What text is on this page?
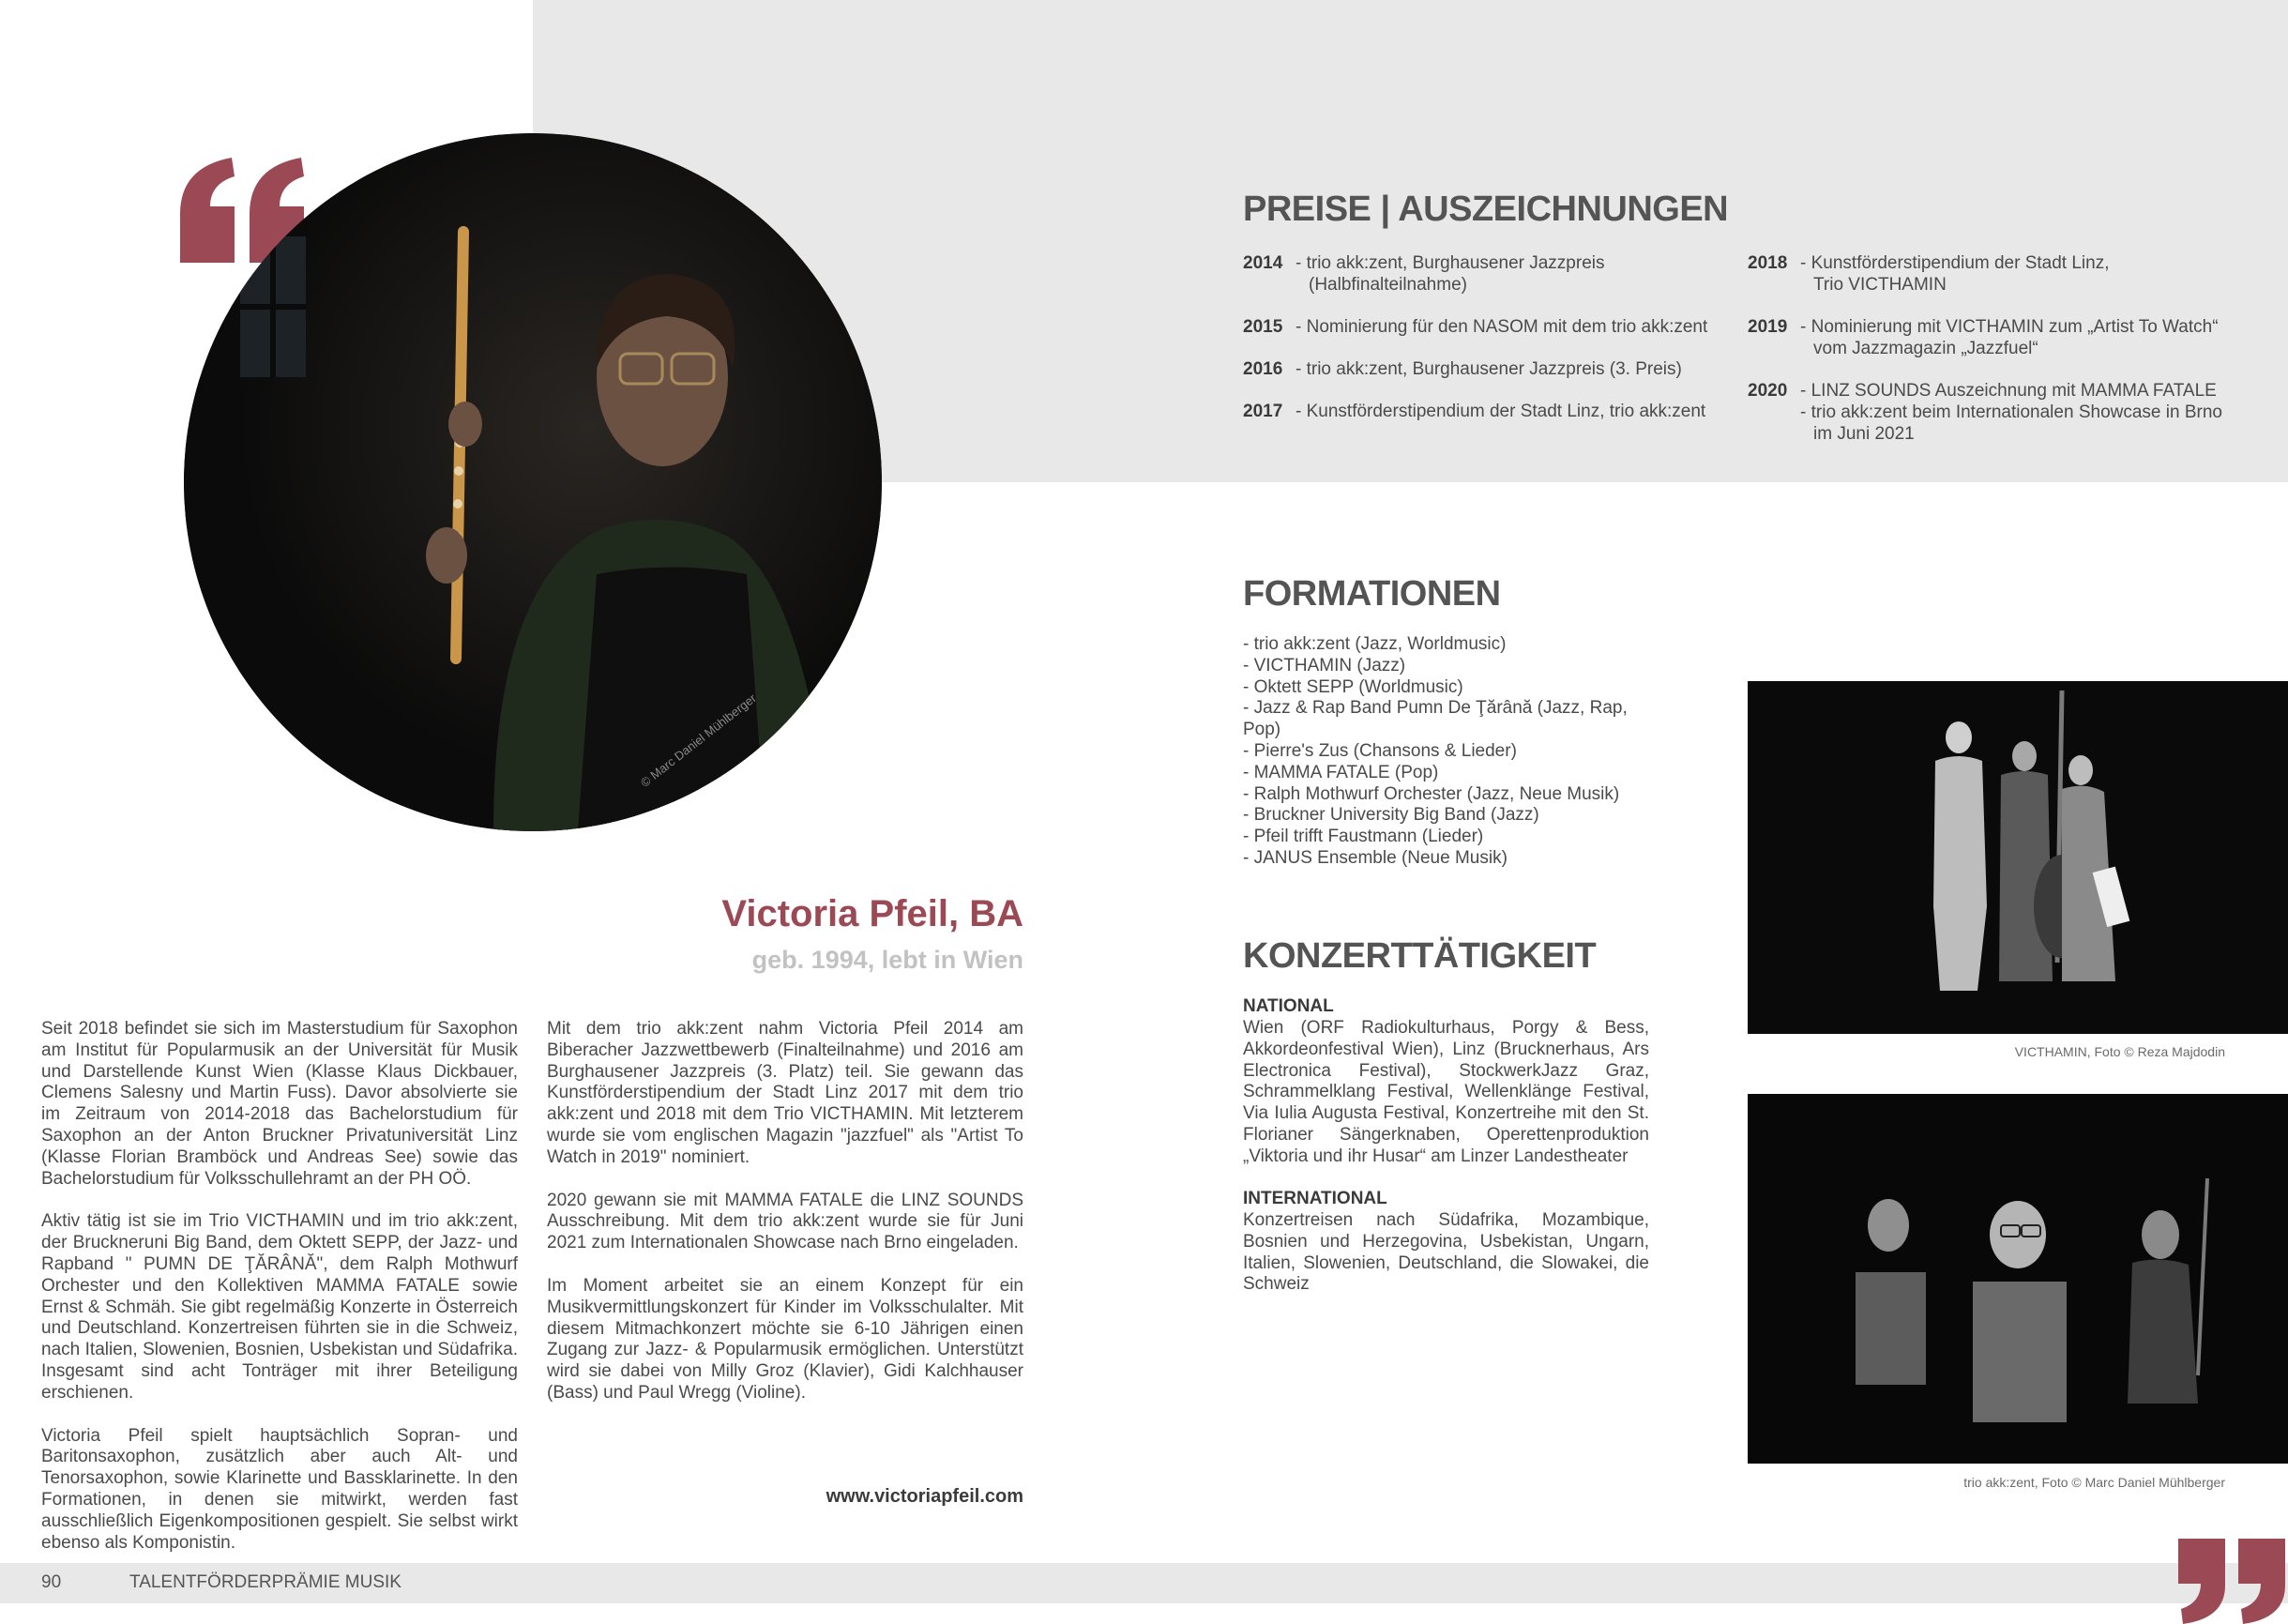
© Marc Daniel Mühlberger
Victoria Pfeil, BA
geb. 1994, lebt in Wien

Seit 2018 befindet sie sich im Masterstudium für Saxophon am Institut für Popularmusik an der Universität für Musik und Darstellende Kunst Wien (Klasse Klaus Dickbauer, Clemens Salesny und Martin Fuss). Davor absolvierte sie im Zeitraum von 2014-2018 das Bachelorstudium für Saxophon an der Anton Bruckner Privatuniversität Linz (Klasse Florian Bramböck und Andreas See) sowie das Bachelorstudium für Volksschullehramt an der PH OÖ.

Aktiv tätig ist sie im Trio VICTHAMIN und im trio akk:zent, der Bruckneruni Big Band, dem Oktett SEPP, der Jazz- und Rapband " PUMN DE ŢĂRÂNĂ", dem Ralph Mothwurf Orchester und den Kollektiven MAMMA FATALE sowie Ernst & Schmäh. Sie gibt regelmäßig Konzerte in Österreich und Deutschland. Konzertreisen führten sie in die Schweiz, nach Italien, Slowenien, Bosnien, Usbekistan und Südafrika. Insgesamt sind acht Tonträger mit ihrer Beteiligung erschienen.

Victoria Pfeil spielt hauptsächlich Sopran- und Baritonsaxophon, zusätzlich aber auch Alt- und Tenorsaxophon, sowie Klarinette und Bassklarinette. In den Formationen, in denen sie mitwirkt, werden fast ausschließlich Eigenkompositionen gespielt. Sie selbst wirkt ebenso als Komponistin.

Mit dem trio akk:zent nahm Victoria Pfeil 2014 am Biberacher Jazzwettbewerb (Finalteilnahme) und 2016 am Burghausener Jazzpreis (3. Platz) teil. Sie gewann das Kunstförderstipendium der Stadt Linz 2017 mit dem trio akk:zent und 2018 mit dem Trio VICTHAMIN. Mit letzterem wurde sie vom englischen Magazin "jazzfuel" als "Artist To Watch in 2019" nominiert.

2020 gewann sie mit MAMMA FATALE die LINZ SOUNDS Ausschreibung. Mit dem trio akk:zent wurde sie für Juni 2021 zum Internationalen Showcase nach Brno eingeladen.

Im Moment arbeitet sie an einem Konzept für ein Musikvermittlungskonzert für Kinder im Volksschulalter. Mit diesem Mitmachkonzert möchte sie 6-10 Jährigen einen Zugang zur Jazz- & Popularmusik ermöglichen. Unterstützt wird sie dabei von Milly Groz (Klavier), Gidi Kalchhauser (Bass) und Paul Wregg (Violine).

www.victoriapfeil.com
PREISE | AUSZEICHNUNGEN
2014 - trio akk:zent, Burghausener Jazzpreis (Halbfinalteilnahme)
2015 - Nominierung für den NASOM mit dem trio akk:zent
2016 - trio akk:zent, Burghausener Jazzpreis (3. Preis)
2017 - Kunstförderstipendium der Stadt Linz, trio akk:zent
2018 - Kunstförderstipendium der Stadt Linz, Trio VICTHAMIN
2019 - Nominierung mit VICTHAMIN zum „Artist To Watch“ vom Jazzmagazin „Jazzfuel“
2020 - LINZ SOUNDS Auszeichnung mit MAMMA FATALE
- trio akk:zent beim Internationalen Showcase in Brno im Juni 2021
FORMATIONEN
- trio akk:zent (Jazz, Worldmusic)
- VICTHAMIN (Jazz)
- Oktett SEPP (Worldmusic)
- Jazz & Rap Band Pumn De Ţărână (Jazz, Rap, Pop)
- Pierre's Zus (Chansons & Lieder)
- MAMMA FATALE (Pop)
- Ralph Mothwurf Orchester (Jazz, Neue Musik)
- Bruckner University Big Band (Jazz)
- Pfeil trifft Faustmann (Lieder)
- JANUS Ensemble (Neue Musik)
KONZERTTÄTIGKEIT
NATIONAL
Wien (ORF Radiokulturhaus, Porgy & Bess, Akkordeonfestival Wien), Linz (Brucknerhaus, Ars Electronica Festival), StockwerkJazz Graz, Schrammelklang Festival, Wellenklänge Festival, Via Iulia Augusta Festival, Konzertreihe mit den St. Florianer Sängerknaben, Operettenproduktion „Viktoria und ihr Husar“ am Linzer Landestheater
INTERNATIONAL
Konzertreisen nach Südafrika, Mozambique, Bosnien und Herzegovina, Usbekistan, Ungarn, Italien, Slowenien, Deutschland, die Slowakei, die Schweiz
VICTHAMIN, Foto © Reza Majdodin
trio akk:zent, Foto © Marc Daniel Mühlberger
90	TALENTFÖRDERPRÄMIE MUSIK
